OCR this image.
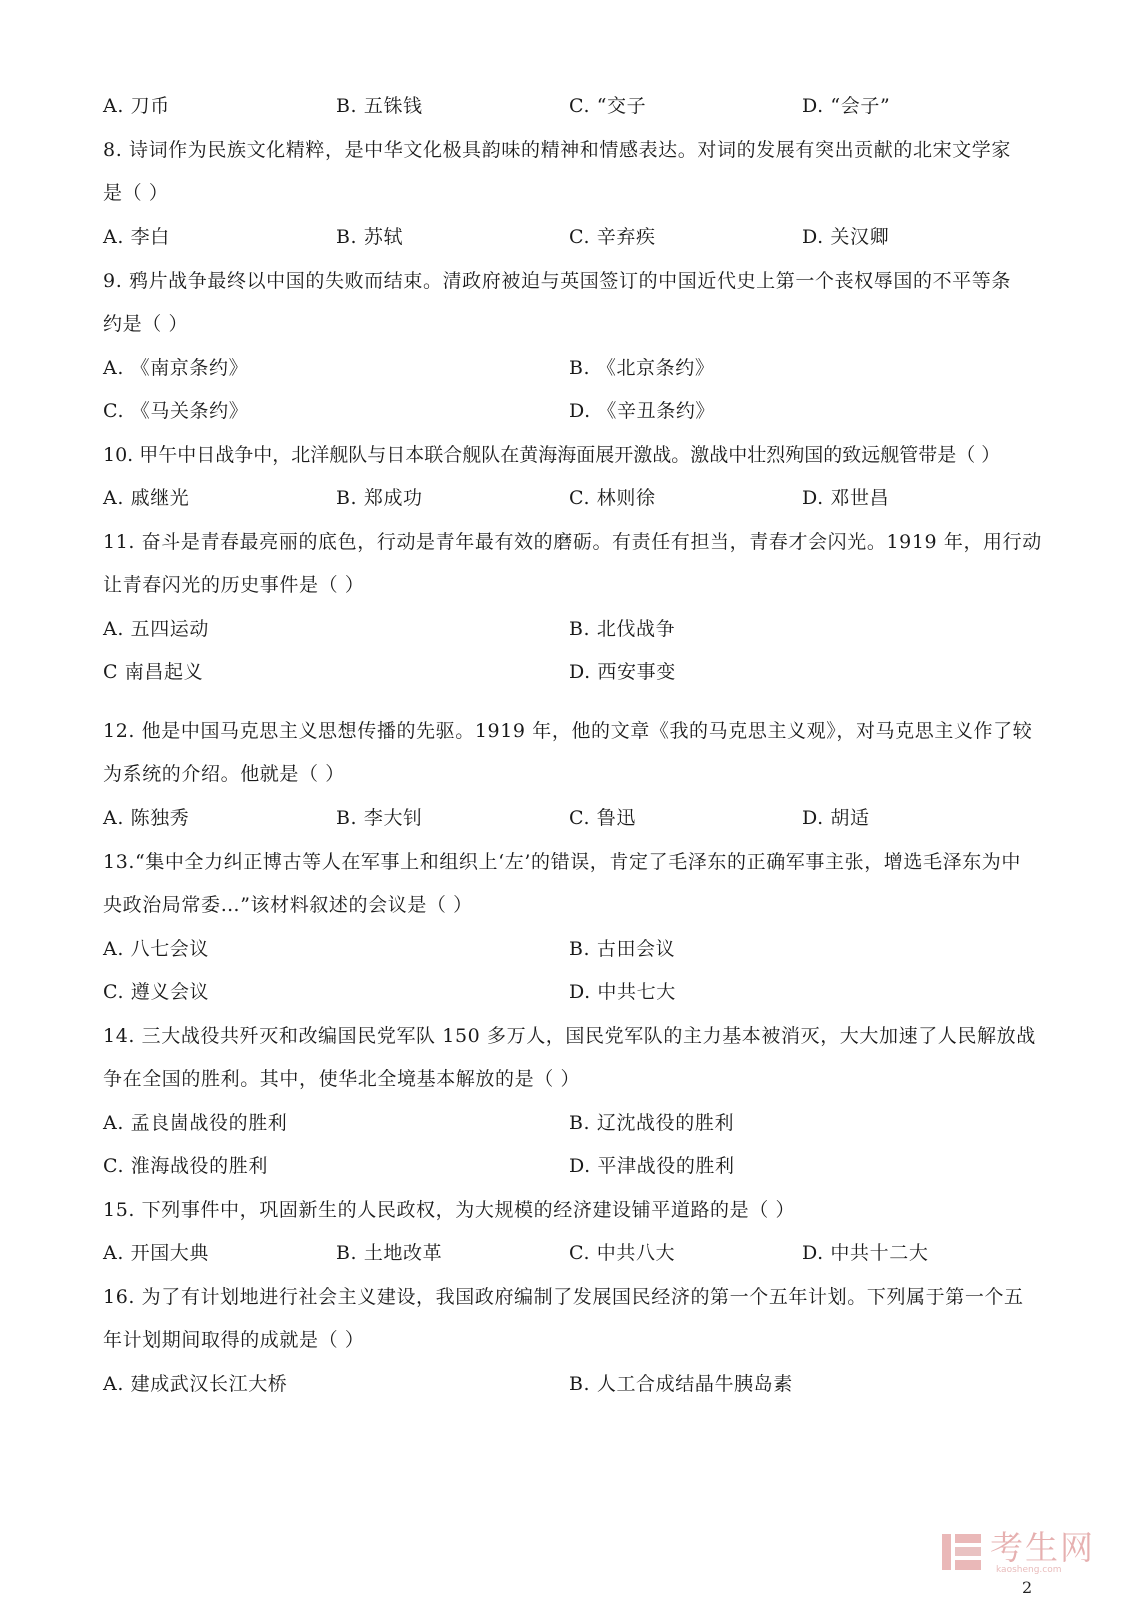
A. 刀币	B. 五铢钱	C. “交子	D. “会子”
8. 诗词作为民族文化精粹，是中华文化极具韵味的精神和情感表达。对词的发展有突出贡献的北宋文学家
是（ ）
A. 李白	B. 苏轼	C. 辛弃疾	D. 关汉卿
9. 鸦片战争最终以中国的失败而结束。清政府被迫与英国签订的中国近代史上第一个丧权辱国的不平等条
约是（ ）
A. 《南京条约》	B. 《北京条约》
C. 《马关条约》	D. 《辛丑条约》
10. 甲午中日战争中，北洋舰队与日本联合舰队在黄海海面展开激战。激战中壮烈殉国的致远舰管带是（ ）
A. 戚继光	B. 郑成功	C. 林则徐	D. 邓世昌
11. 奋斗是青春最亮丽的底色，行动是青年最有效的磨砺。有责任有担当，青春才会闪光。1919 年，用行动
让青春闪光的历史事件是（ ）
A. 五四运动	B. 北伐战争
C 南昌起义	D. 西安事变
12. 他是中国马克思主义思想传播的先驱。1919 年，他的文章《我的马克思主义观》，对马克思主义作了较
为系统的介绍。他就是（ ）
A. 陈独秀	B. 李大钊	C. 鲁迅	D. 胡适
13.“集中全力纠正博古等人在军事上和组织上‘左’的错误，肯定了毛泽东的正确军事主张，增选毛泽东为中
央政治局常委…”该材料叙述的会议是（ ）
A. 八七会议	B. 古田会议
C. 遵义会议	D. 中共七大
14. 三大战役共歼灭和改编国民党军队 150 多万人，国民党军队的主力基本被消灭，大大加速了人民解放战
争在全国的胜利。其中，使华北全境基本解放的是（ ）
A. 孟良崮战役的胜利	B. 辽沈战役的胜利
C. 淮海战役的胜利	D. 平津战役的胜利
15. 下列事件中，巩固新生的人民政权，为大规模的经济建设铺平道路的是（ ）
A. 开国大典	B. 土地改革	C. 中共八大	D. 中共十二大
16. 为了有计划地进行社会主义建设，我国政府编制了发展国民经济的第一个五年计划。下列属于第一个五
年计划期间取得的成就是（ ）
A. 建成武汉长江大桥	B. 人工合成结晶牛胰岛素
考生网
kaosheng.com
2
